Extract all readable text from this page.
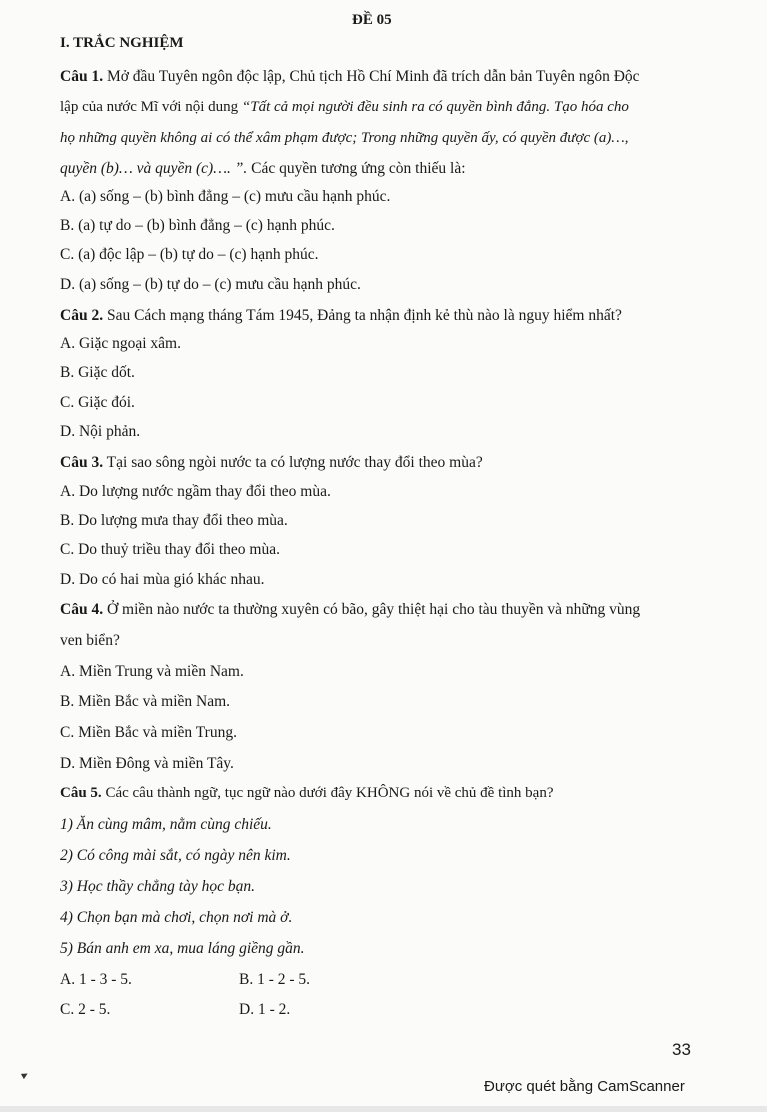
ĐỀ 05
I. TRẮC NGHIỆM
Câu 1. Mở đầu Tuyên ngôn độc lập, Chủ tịch Hồ Chí Minh đã trích dẫn bản Tuyên ngôn Độc
lập của nước Mĩ với nội dung “Tất cả mọi người đều sinh ra có quyền bình đẳng. Tạo hóa cho
họ những quyền không ai có thể xâm phạm được; Trong những quyền ấy, có quyền được (a)…,
quyền (b)… và quyền (c)…. ”. Các quyền tương ứng còn thiếu là:
A. (a) sống – (b) bình đẳng – (c) mưu cầu hạnh phúc.
B. (a) tự do – (b) bình đẳng – (c) hạnh phúc.
C. (a) độc lập – (b) tự do – (c) hạnh phúc.
D. (a) sống – (b) tự do – (c) mưu cầu hạnh phúc.
Câu 2. Sau Cách mạng tháng Tám 1945, Đảng ta nhận định kẻ thù nào là nguy hiểm nhất?
A. Giặc ngoại xâm.
B. Giặc dốt.
C. Giặc đói.
D. Nội phản.
Câu 3. Tại sao sông ngòi nước ta có lượng nước thay đổi theo mùa?
A. Do lượng nước ngầm thay đổi theo mùa.
B. Do lượng mưa thay đổi theo mùa.
C. Do thuỷ triều thay đổi theo mùa.
D. Do có hai mùa gió khác nhau.
Câu 4. Ở miền nào nước ta thường xuyên có bão, gây thiệt hại cho tàu thuyền và những vùng
ven biển?
A. Miền Trung và miền Nam.
B. Miền Bắc và miền Nam.
C. Miền Bắc và miền Trung.
D. Miền Đông và miền Tây.
Câu 5. Các câu thành ngữ, tục ngữ nào dưới đây KHÔNG nói về chủ đề tình bạn?
1) Ăn cùng mâm, nằm cùng chiếu.
2) Có công mài sắt, có ngày nên kim.
3) Học thầy chẳng tày học bạn.
4) Chọn bạn mà chơi, chọn nơi mà ở.
5) Bán anh em xa, mua láng giềng gần.
A. 1 - 3 - 5.	B. 1 - 2 - 5.
C. 2 - 5.	D. 1 - 2.
33
Được quét bằng CamScanner
